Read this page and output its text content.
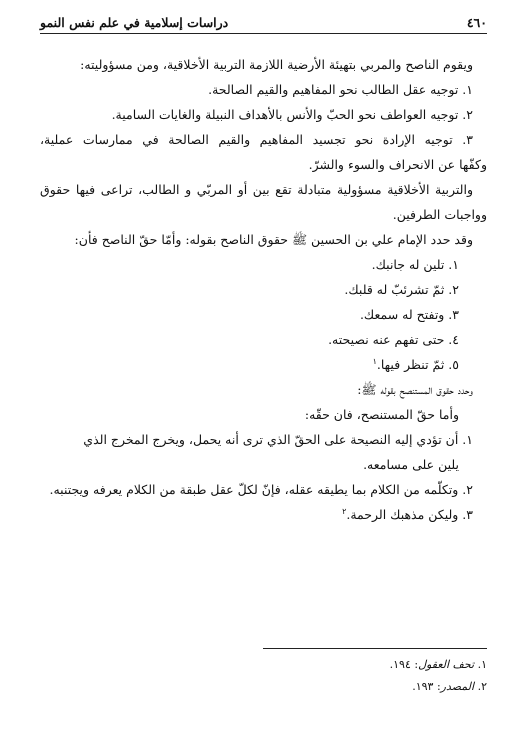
٤٦٠
دراسات إسلامية في علم نفس النمو
ويقوم الناصح والمربي بتهيئة الأرضية اللازمة التربية الأخلاقية، ومن مسؤوليته:
١. توجيه عقل الطالب نحو المفاهيم والقيم الصالحة.
٢. توجيه العواطف نحو الحبّ والأنس بالأهداف النبيلة والغايات السامية.
٣. توجيه الإرادة نحو تجسيد المفاهيم والقيم الصالحة في ممارسات عملية،
وكفّها عن الانحراف والسوء والشرّ.
والتربية الأخلاقية مسؤولية متبادلة تقع بين أو المربّي و الطالب، تراعى فيها حقوق
وواجبات الطرفين.
وقد حدد الإمام علي بن الحسين ﷺ حقوق الناصح بقوله: وأمّا حقّ الناصح فأن:
١. تلين له جانبك.
٢. ثمّ تشرئبّ له قلبك.
٣. وتفتح له سمعك.
٤. حتى تفهم عنه نصيحته.
٥. ثمّ تنظر فيها.$^١$
وحدد حقوق المستنصح بقوله ﷺ:
وأما حقّ المستنصح، فان حقّه:
١. أن تؤدي إليه النصيحة على الحقّ الذي ترى أنه يحمل، ويخرج المخرج الذي
يلين على مسامعه.
٢. وتكلّمه من الكلام بما يطيقه عقله، فإنّ لكلّ عقل طبقة من الكلام يعرفه ويجتنبه.
٣. وليكن مذهبك الرحمة.$^٢$
١. تحف العقول: ١٩٤.
٢. المصدر: ١٩٣.
